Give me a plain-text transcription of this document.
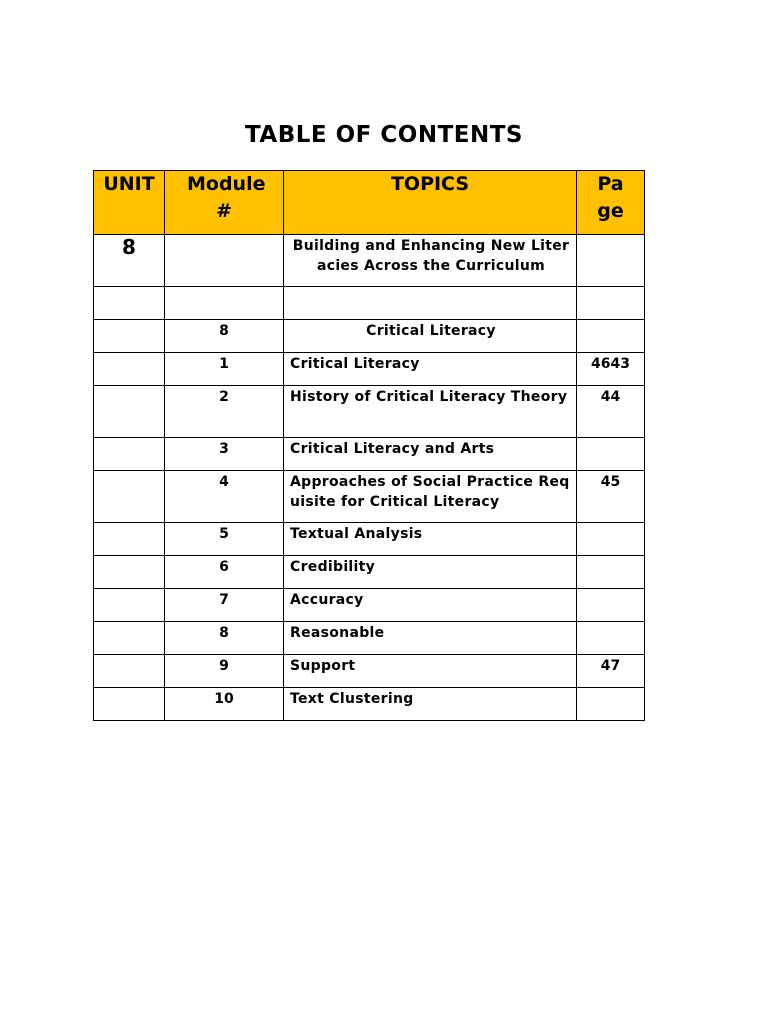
TABLE OF CONTENTS
UNIT	Module #	TOPICS	Page
8		Building and Enhancing New Literacies Across the Curriculum	

	8	Critical Literacy	
	1	Critical Literacy	4643
	2	History of Critical Literacy Theory	44
	3	Critical Literacy and Arts	
	4	Approaches of Social Practice Requisite for Critical Literacy	45
	5	Textual Analysis	
	6	Credibility	
	7	Accuracy	
	8	Reasonable	
	9	Support	47
	10	Text Clustering	
